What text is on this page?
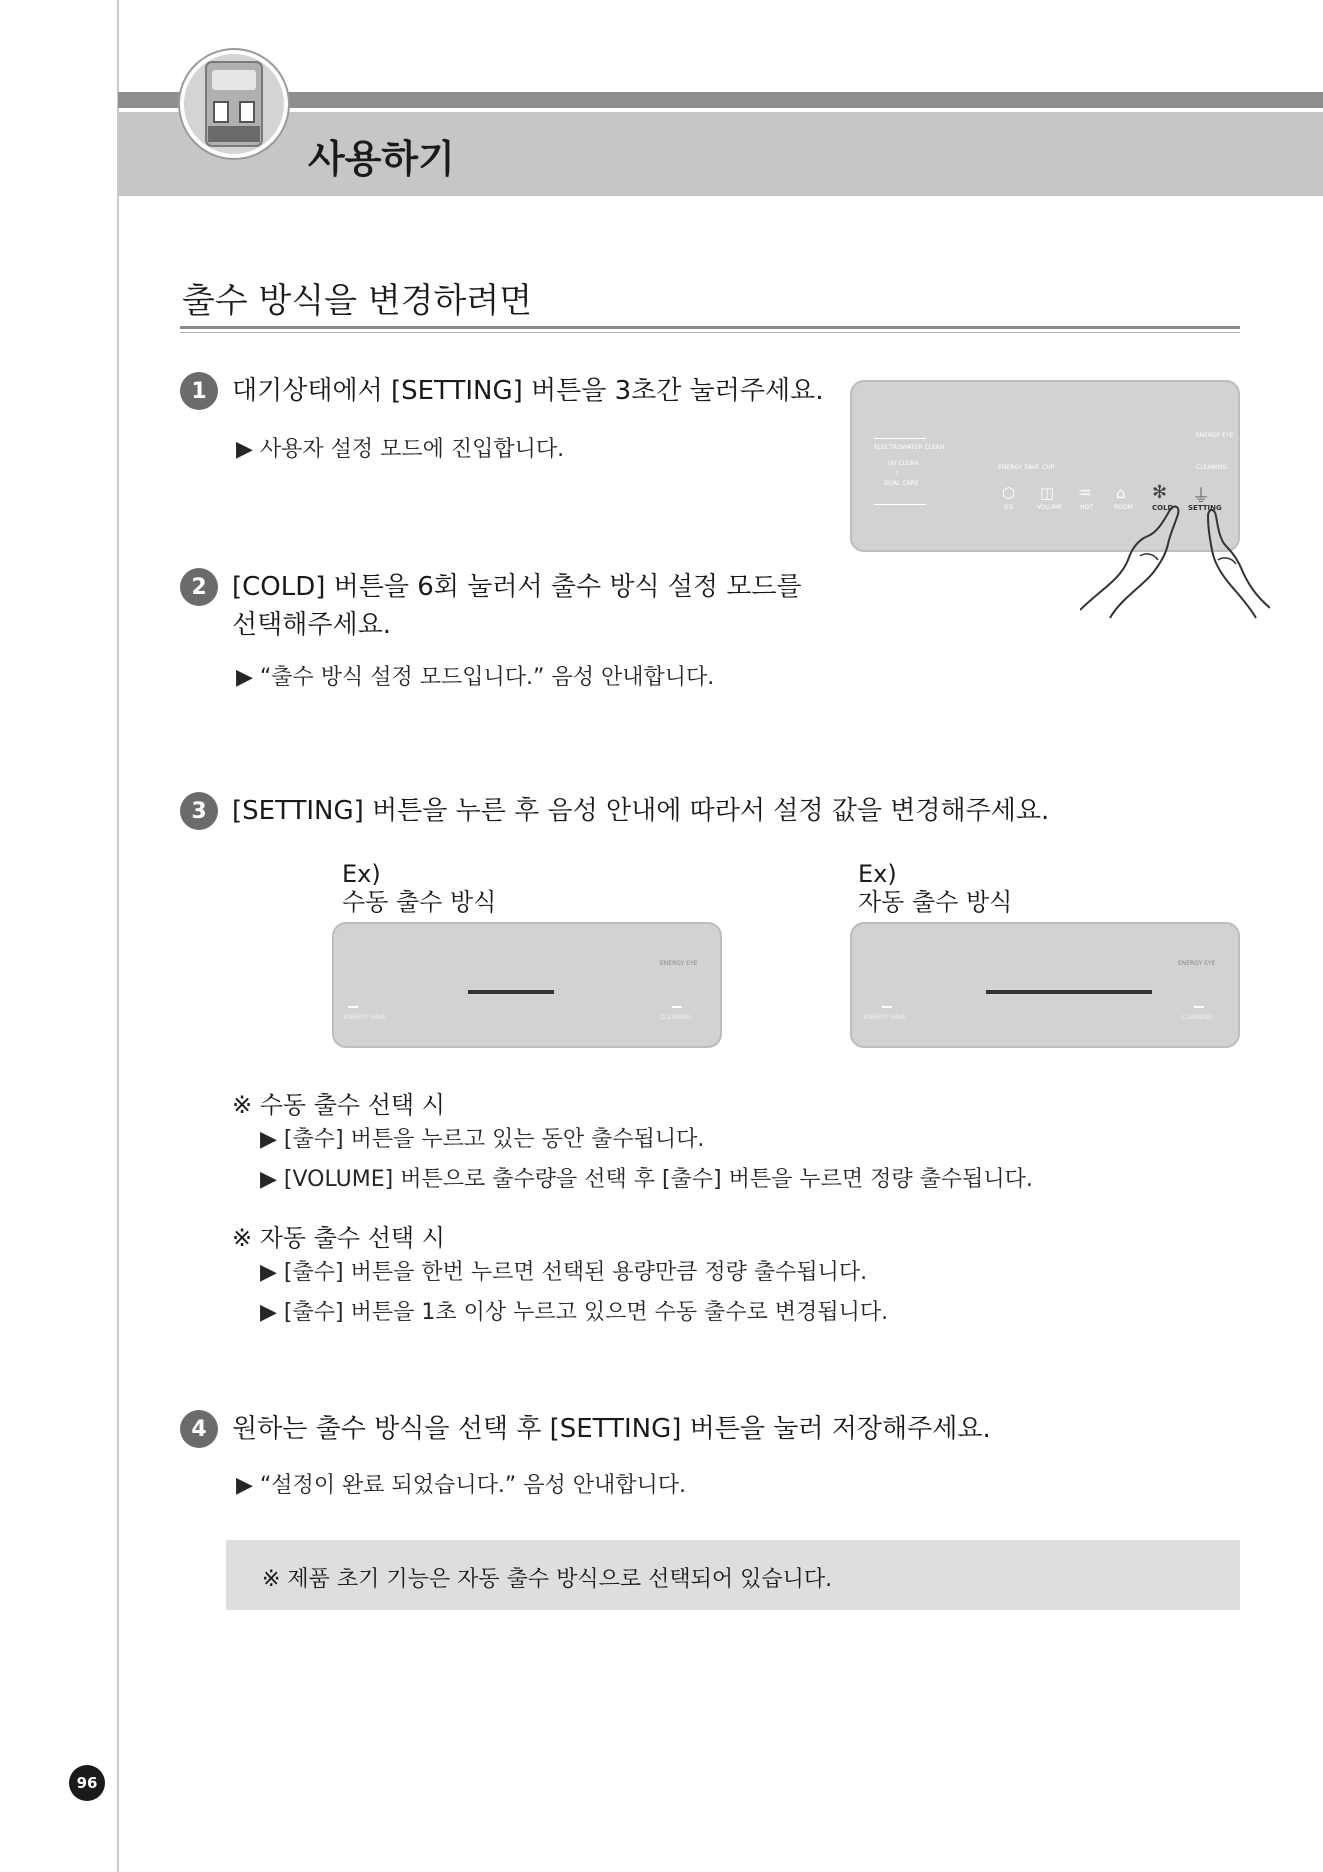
사용하기
출수 방식을 변경하려면
1 대기상태에서 [SETTING] 버튼을 3초간 눌러주세요.
▶ 사용자 설정 모드에 진입합니다.	ELECTROWATER CLEAN
UV CLEAN
I
DUAL CARE
ENERGY SAVE CUP
ENERGY EYE
CLEANING
⬡
ICE
◫
VOLUME
♒
HOT
⌂
ROOM
✻
COLD
⏚
SETTING
2 [COLD] 버튼을 6회 눌러서 출수 방식 설정 모드를
선택해주세요.
▶ “출수 방식 설정 모드입니다.” 음성 안내합니다.
3 [SETTING] 버튼을 누른 후 음성 안내에 따라서 설정 값을 변경해주세요.
Ex)
수동 출수 방식
ENERGY EYE
ENERGY SAVE	CLEANING
Ex)
자동 출수 방식
ENERGY EYE
ENERGY SAVE	CLEANING
※ 수동 출수 선택 시
▶ [출수] 버튼을 누르고 있는 동안 출수됩니다.
▶ [VOLUME] 버튼으로 출수량을 선택 후 [출수] 버튼을 누르면 정량 출수됩니다.
※ 자동 출수 선택 시
▶ [출수] 버튼을 한번 누르면 선택된 용량만큼 정량 출수됩니다.
▶ [출수] 버튼을 1초 이상 누르고 있으면 수동 출수로 변경됩니다.
4 원하는 출수 방식을 선택 후 [SETTING] 버튼을 눌러 저장해주세요.
▶ “설정이 완료 되었습니다.” 음성 안내합니다.
※ 제품 초기 기능은 자동 출수 방식으로 선택되어 있습니다.
96
